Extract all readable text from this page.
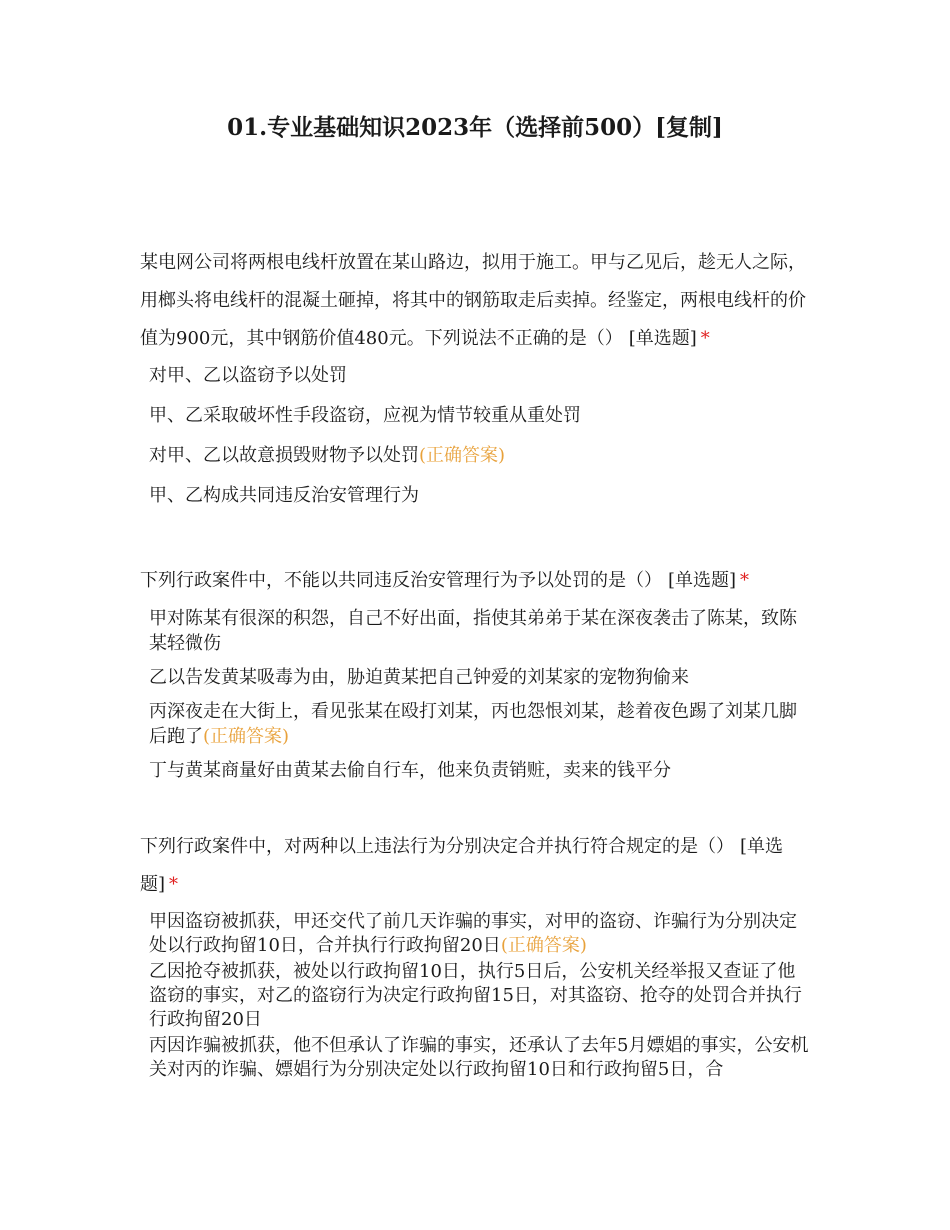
01.专业基础知识2023年（选择前500）[复制]
某电网公司将两根电线杆放置在某山路边，拟用于施工。甲与乙见后，趁无人之际，用榔头将电线杆的混凝土砸掉，将其中的钢筋取走后卖掉。经鉴定，两根电线杆的价值为900元，其中钢筋价值480元。下列说法不正确的是（） [单选题] *
对甲、乙以盗窃予以处罚
甲、乙采取破坏性手段盗窃，应视为情节较重从重处罚
对甲、乙以故意损毁财物予以处罚(正确答案)
甲、乙构成共同违反治安管理行为
下列行政案件中，不能以共同违反治安管理行为予以处罚的是（） [单选题] *
甲对陈某有很深的积怨，自己不好出面，指使其弟弟于某在深夜袭击了陈某，致陈某轻微伤
乙以告发黄某吸毒为由，胁迫黄某把自己钟爱的刘某家的宠物狗偷来
丙深夜走在大街上，看见张某在殴打刘某，丙也怨恨刘某，趁着夜色踢了刘某几脚后跑了(正确答案)
丁与黄某商量好由黄某去偷自行车，他来负责销赃，卖来的钱平分
下列行政案件中，对两种以上违法行为分别决定合并执行符合规定的是（） [单选题] *
甲因盗窃被抓获，甲还交代了前几天诈骗的事实，对甲的盗窃、诈骗行为分别决定处以行政拘留10日，合并执行行政拘留20日(正确答案)
乙因抢夺被抓获，被处以行政拘留10日，执行5日后，公安机关经举报又查证了他盗窃的事实，对乙的盗窃行为决定行政拘留15日，对其盗窃、抢夺的处罚合并执行行政拘留20日
丙因诈骗被抓获，他不但承认了诈骗的事实，还承认了去年5月嫖娼的事实，公安机关对丙的诈骗、嫖娼行为分别决定处以行政拘留10日和行政拘留5日，合
